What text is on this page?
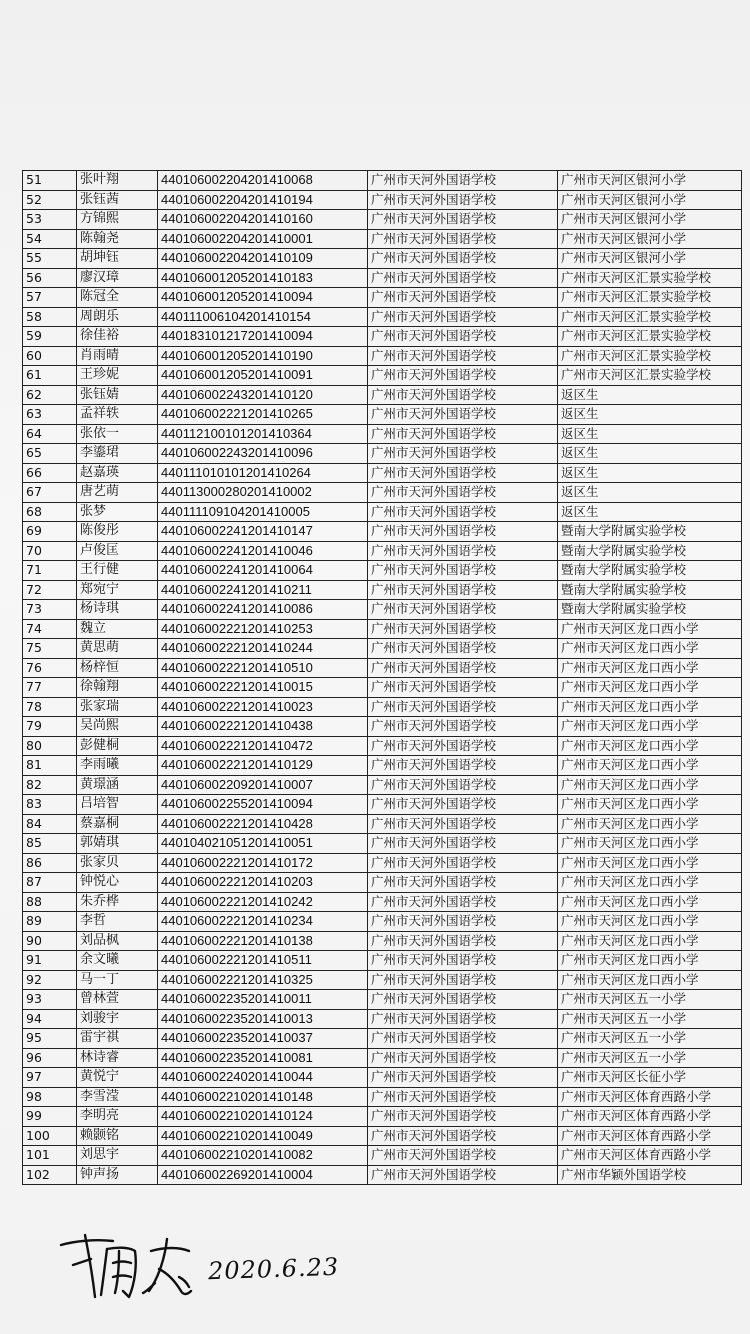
51	张叶翔	440106002204201410068	广州市天河外国语学校	广州市天河区银河小学
52	张钰茜	440106002204201410194	广州市天河外国语学校	广州市天河区银河小学
53	方锦熙	440106002204201410160	广州市天河外国语学校	广州市天河区银河小学
54	陈翰尧	440106002204201410001	广州市天河外国语学校	广州市天河区银河小学
55	胡坤钰	440106002204201410109	广州市天河外国语学校	广州市天河区银河小学
56	廖汉璋	440106001205201410183	广州市天河外国语学校	广州市天河区汇景实验学校
57	陈冠全	440106001205201410094	广州市天河外国语学校	广州市天河区汇景实验学校
58	周朗乐	440111006104201410154	广州市天河外国语学校	广州市天河区汇景实验学校
59	徐佳裕	440183101217201410094	广州市天河外国语学校	广州市天河区汇景实验学校
60	肖雨晴	440106001205201410190	广州市天河外国语学校	广州市天河区汇景实验学校
61	王珍妮	440106001205201410091	广州市天河外国语学校	广州市天河区汇景实验学校
62	张钰婧	440106002243201410120	广州市天河外国语学校	返区生
63	孟祥轶	440106002221201410265	广州市天河外国语学校	返区生
64	张依一	440112100101201410364	广州市天河外国语学校	返区生
65	李鎏珺	440106002243201410096	广州市天河外国语学校	返区生
66	赵嘉瑛	440111010101201410264	广州市天河外国语学校	返区生
67	唐艺萌	440113000280201410002	广州市天河外国语学校	返区生
68	张梦	440111109104201410005	广州市天河外国语学校	返区生
69	陈俊彤	440106002241201410147	广州市天河外国语学校	暨南大学附属实验学校
70	卢俊匡	440106002241201410046	广州市天河外国语学校	暨南大学附属实验学校
71	王行健	440106002241201410064	广州市天河外国语学校	暨南大学附属实验学校
72	郑宛宁	440106002241201410211	广州市天河外国语学校	暨南大学附属实验学校
73	杨诗琪	440106002241201410086	广州市天河外国语学校	暨南大学附属实验学校
74	魏立	440106002221201410253	广州市天河外国语学校	广州市天河区龙口西小学
75	黄思萌	440106002221201410244	广州市天河外国语学校	广州市天河区龙口西小学
76	杨梓恒	440106002221201410510	广州市天河外国语学校	广州市天河区龙口西小学
77	徐翰翔	440106002221201410015	广州市天河外国语学校	广州市天河区龙口西小学
78	张家瑞	440106002221201410023	广州市天河外国语学校	广州市天河区龙口西小学
79	吴尚熙	440106002221201410438	广州市天河外国语学校	广州市天河区龙口西小学
80	彭健桐	440106002221201410472	广州市天河外国语学校	广州市天河区龙口西小学
81	李雨曦	440106002221201410129	广州市天河外国语学校	广州市天河区龙口西小学
82	黄璟涵	440106002209201410007	广州市天河外国语学校	广州市天河区龙口西小学
83	吕培智	440106002255201410094	广州市天河外国语学校	广州市天河区龙口西小学
84	蔡嘉桐	440106002221201410428	广州市天河外国语学校	广州市天河区龙口西小学
85	郭婧琪	440104021051201410051	广州市天河外国语学校	广州市天河区龙口西小学
86	张家贝	440106002221201410172	广州市天河外国语学校	广州市天河区龙口西小学
87	钟悦心	440106002221201410203	广州市天河外国语学校	广州市天河区龙口西小学
88	朱乔桦	440106002221201410242	广州市天河外国语学校	广州市天河区龙口西小学
89	李哲	440106002221201410234	广州市天河外国语学校	广州市天河区龙口西小学
90	刘品枫	440106002221201410138	广州市天河外国语学校	广州市天河区龙口西小学
91	余文曦	440106002221201410511	广州市天河外国语学校	广州市天河区龙口西小学
92	马一丁	440106002221201410325	广州市天河外国语学校	广州市天河区龙口西小学
93	曾林萱	440106002235201410011	广州市天河外国语学校	广州市天河区五一小学
94	刘骏宇	440106002235201410013	广州市天河外国语学校	广州市天河区五一小学
95	雷宇祺	440106002235201410037	广州市天河外国语学校	广州市天河区五一小学
96	林诗睿	440106002235201410081	广州市天河外国语学校	广州市天河区五一小学
97	黄悦宁	440106002240201410044	广州市天河外国语学校	广州市天河区长征小学
98	李雪滢	440106002210201410148	广州市天河外国语学校	广州市天河区体育西路小学
99	李明亮	440106002210201410124	广州市天河外国语学校	广州市天河区体育西路小学
100	赖颢铭	440106002210201410049	广州市天河外国语学校	广州市天河区体育西路小学
101	刘思宇	440106002210201410082	广州市天河外国语学校	广州市天河区体育西路小学
102	钟声扬	440106002269201410004	广州市天河外国语学校	广州市华颖外国语学校
2020.6.23
